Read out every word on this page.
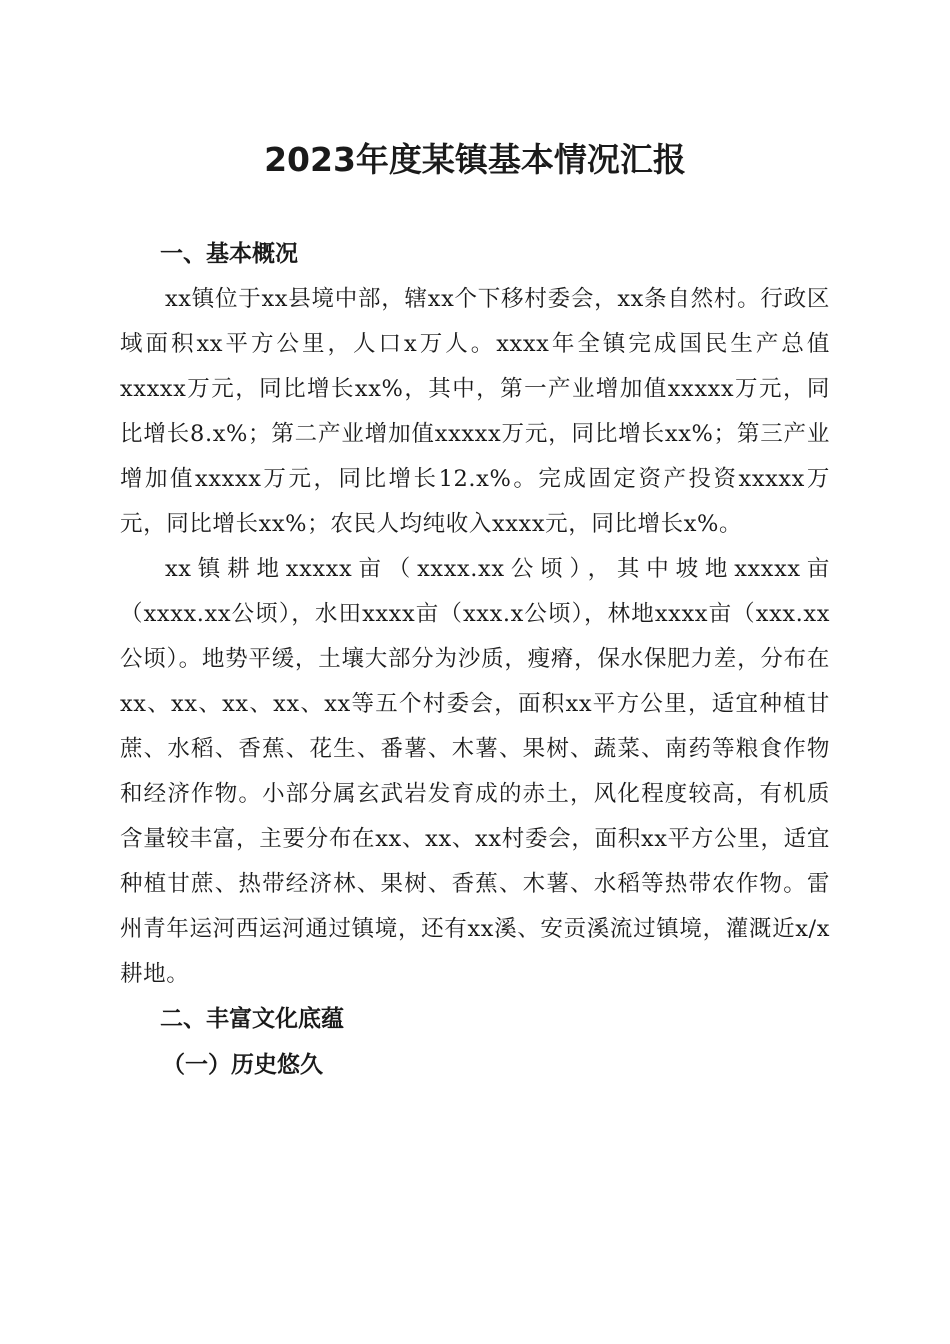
2023年度某镇基本情况汇报
一、基本概况

xx镇位于xx县境中部，辖xx个下移村委会，xx条自然村。行政区域面积xx平方公里，人口x万人。xxxx年全镇完成国民生产总值xxxxx万元，同比增长xx%，其中，第一产业增加值xxxxx万元，同比增长8.x%；第二产业增加值xxxxx万元，同比增长xx%；第三产业增加值xxxxx万元，同比增长12.x%。完成固定资产投资xxxxx万元，同比增长xx%；农民人均纯收入xxxx元，同比增长x%。

xx镇耕地xxxxx亩（xxxx.xx公顷），其中坡地xxxxx亩（xxxx.xx公顷），水田xxxx亩（xxx.x公顷），林地xxxx亩（xxx.xx公顷）。地势平缓，土壤大部分为沙质，瘦瘠，保水保肥力差，分布在xx、xx、xx、xx、xx等五个村委会，面积xx平方公里，适宜种植甘蔗、水稻、香蕉、花生、番薯、木薯、果树、蔬菜、南药等粮食作物和经济作物。小部分属玄武岩发育成的赤土，风化程度较高，有机质含量较丰富，主要分布在xx、xx、xx村委会，面积xx平方公里，适宜种植甘蔗、热带经济林、果树、香蕉、木薯、水稻等热带农作物。雷州青年运河西运河通过镇境，还有xx溪、安贡溪流过镇境，灌溉近x/x耕地。

二、丰富文化底蕴
（一）历史悠久
